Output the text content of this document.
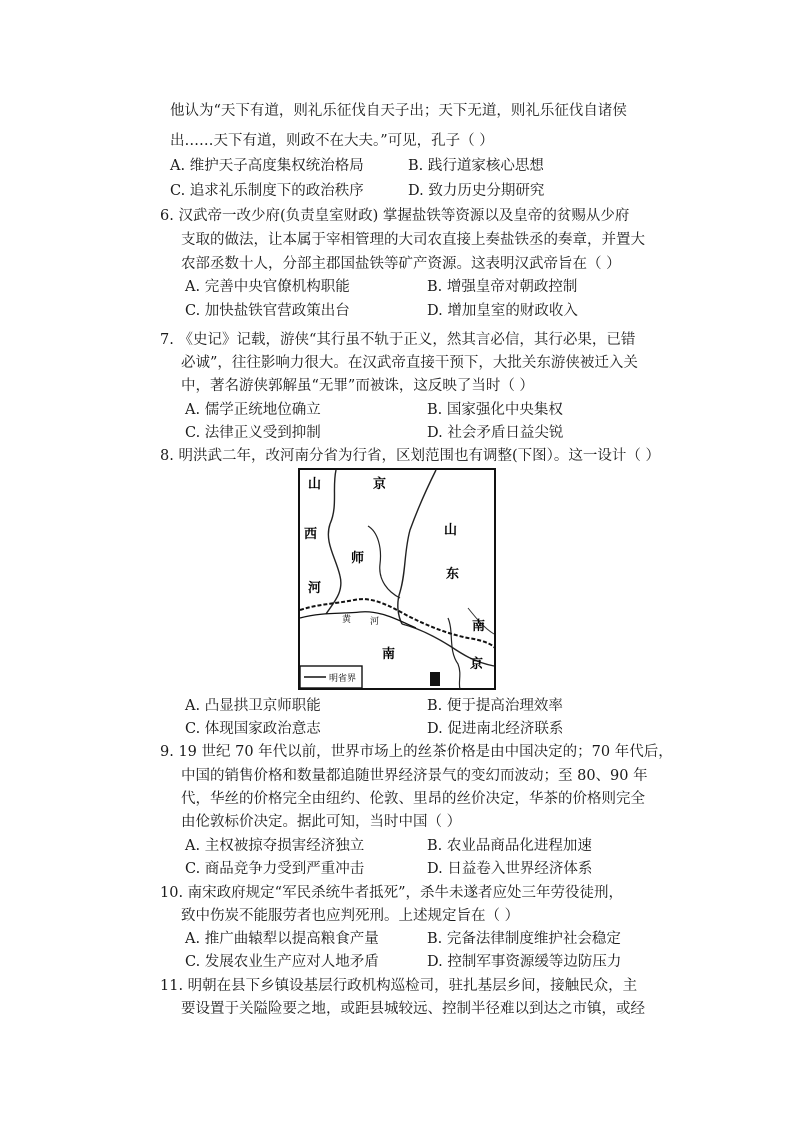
他认为“天下有道，则礼乐征伐自天子出；天下无道，则礼乐征伐自诸侯
出……天下有道，则政不在大夫。”可见，孔子（ ）
A. 维护天子高度集权统治格局	B. 践行道家核心思想
C. 追求礼乐制度下的政治秩序	D. 致力历史分期研究
6. 汉武帝一改少府(负责皇室财政) 掌握盐铁等资源以及皇帝的贫赐从少府
支取的做法，让本属于宰相管理的大司农直接上奏盐铁丞的奏章，并置大
农部丞数十人，分部主郡国盐铁等矿产资源。这表明汉武帝旨在（ ）
A. 完善中央官僚机构职能	B. 增强皇帝对朝政控制
C. 加快盐铁官营政策出台	D. 增加皇室的财政收入
7. 《史记》记载，游侠“其行虽不轨于正义，然其言必信，其行必果，已错
必诚”，往往影响力很大。在汉武帝直接干预下，大批关东游侠被迁入关
中，著名游侠郭解虽“无罪”而被诛，这反映了当时（ ）
A. 儒学正统地位确立	B. 国家强化中央集权
C. 法律正义受到抑制	D. 社会矛盾日益尖锐
8. 明洪武二年，改河南分省为行省，区划范围也有调整(下图）。这一设计（ ）
山
西
京
山
东
师
河
南
南
京
黄 河
明省界
A. 凸显拱卫京师职能	B. 便于提高治理效率
C. 体现国家政治意志	D. 促进南北经济联系
9. 19 世纪 70 年代以前，世界市场上的丝茶价格是由中国决定的；70 年代后，
中国的销售价格和数量都追随世界经济景气的变幻而波动；至 80、90 年
代，华丝的价格完全由纽约、伦敦、里昂的丝价决定，华茶的价格则完全
由伦敦标价决定。据此可知，当时中国（ ）
A. 主权被掠夺损害经济独立	B. 农业品商品化进程加速
C. 商品竞争力受到严重冲击	D. 日益卷入世界经济体系
10. 南宋政府规定“军民杀统牛者抵死”，杀牛未遂者应处三年劳役徒刑，
致中伤炭不能服劳者也应判死刑。上述规定旨在（ ）
A. 推广曲辕犁以提高粮食产量	B. 完备法律制度维护社会稳定
C. 发展农业生产应对人地矛盾	D. 控制军事资源缓等边防压力
11. 明朝在县下乡镇设基层行政机构巡检司，驻扎基层乡间，接触民众，主
要设置于关隘险要之地，或距县城较远、控制半径难以到达之市镇，或经
